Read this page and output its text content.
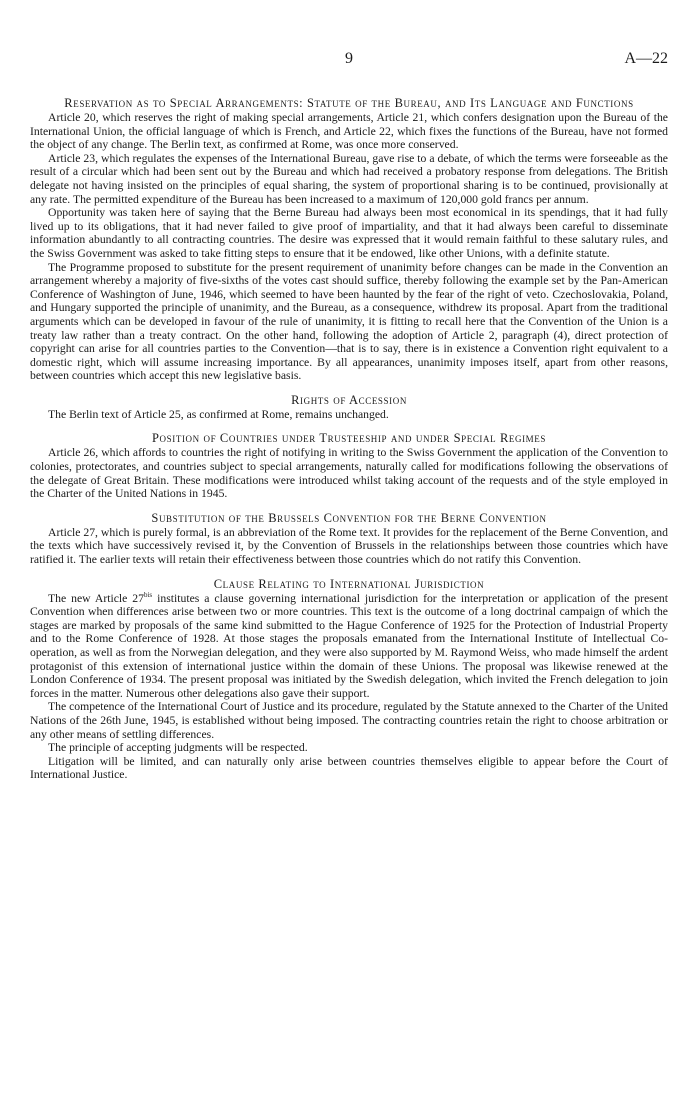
9	A—22
Reservation as to Special Arrangements: Statute of the Bureau, and Its Language and Functions

Article 20, which reserves the right of making special arrangements, Article 21, which confers designation upon the Bureau of the International Union, the official language of which is French, and Article 22, which fixes the functions of the Bureau, have not formed the object of any change. The Berlin text, as confirmed at Rome, was once more conserved.

Article 23, which regulates the expenses of the International Bureau, gave rise to a debate, of which the terms were forseeable as the result of a circular which had been sent out by the Bureau and which had received a probatory response from delegations. The British delegate not having insisted on the principles of equal sharing, the system of proportional sharing is to be continued, provisionally at any rate. The permitted expenditure of the Bureau has been increased to a maximum of 120,000 gold francs per annum.

Opportunity was taken here of saying that the Berne Bureau had always been most economical in its spendings, that it had fully lived up to its obligations, that it had never failed to give proof of impartiality, and that it had always been careful to disseminate information abundantly to all contracting countries. The desire was expressed that it would remain faithful to these salutary rules, and the Swiss Government was asked to take fitting steps to ensure that it be endowed, like other Unions, with a definite statute.

The Programme proposed to substitute for the present requirement of unanimity before changes can be made in the Convention an arrangement whereby a majority of five-sixths of the votes cast should suffice, thereby following the example set by the Pan-American Conference of Washington of June, 1946, which seemed to have been haunted by the fear of the right of veto. Czechoslovakia, Poland, and Hungary supported the principle of unanimity, and the Bureau, as a consequence, withdrew its proposal. Apart from the traditional arguments which can be developed in favour of the rule of unanimity, it is fitting to recall here that the Convention of the Union is a treaty law rather than a treaty contract. On the other hand, following the adoption of Article 2, paragraph (4), direct protection of copyright can arise for all countries parties to the Convention—that is to say, there is in existence a Convention right equivalent to a domestic right, which will assume increasing importance. By all appearances, unanimity imposes itself, apart from other reasons, between countries which accept this new legislative basis.

Rights of Accession

The Berlin text of Article 25, as confirmed at Rome, remains unchanged.

Position of Countries under Trusteeship and under Special Regimes

Article 26, which affords to countries the right of notifying in writing to the Swiss Government the application of the Convention to colonies, protectorates, and countries subject to special arrangements, naturally called for modifications following the observations of the delegate of Great Britain. These modifications were introduced whilst taking account of the requests and of the style employed in the Charter of the United Nations in 1945.

Substitution of the Brussels Convention for the Berne Convention

Article 27, which is purely formal, is an abbreviation of the Rome text. It provides for the replacement of the Berne Convention, and the texts which have successively revised it, by the Convention of Brussels in the relationships between those countries which have ratified it. The earlier texts will retain their effectiveness between those countries which do not ratify this Convention.

Clause Relating to International Jurisdiction

The new Article $27^{bis}$ institutes a clause governing international jurisdiction for the interpretation or application of the present Convention when differences arise between two or more countries. This text is the outcome of a long doctrinal campaign of which the stages are marked by proposals of the same kind submitted to the Hague Conference of 1925 for the Protection of Industrial Property and to the Rome Conference of 1928. At those stages the proposals emanated from the International Institute of Intellectual Co-operation, as well as from the Norwegian delegation, and they were also supported by M. Raymond Weiss, who made himself the ardent protagonist of this extension of international justice within the domain of these Unions. The proposal was likewise renewed at the London Conference of 1934. The present proposal was initiated by the Swedish delegation, which invited the French delegation to join forces in the matter. Numerous other delegations also gave their support.

The competence of the International Court of Justice and its procedure, regulated by the Statute annexed to the Charter of the United Nations of the 26th June, 1945, is established without being imposed. The contracting countries retain the right to choose arbitration or any other means of settling differences.

The principle of accepting judgments will be respected.

Litigation will be limited, and can naturally only arise between countries themselves eligible to appear before the Court of International Justice.
